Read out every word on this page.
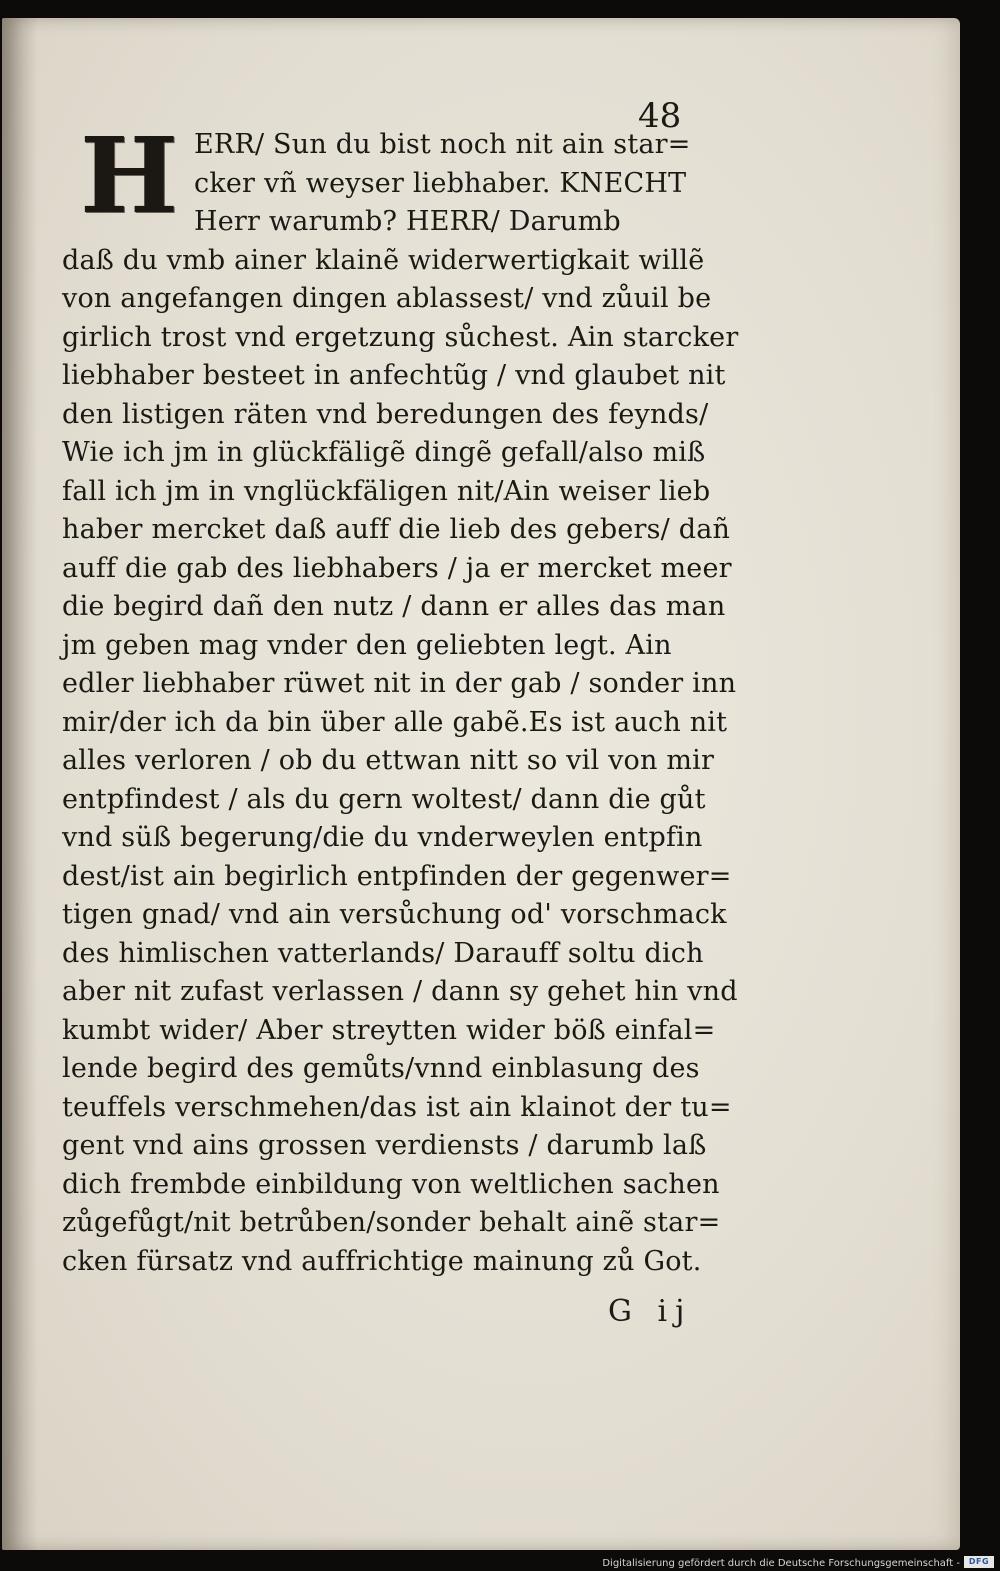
48
H ERR/ Sun du bist noch nit ain star=
cker vñ weyser liebhaber. KNECHT
Herr warumb? HERR/ Darumb
daß du vmb ainer klainẽ widerwertigkait willẽ
von angefangen dingen ablassest/ vnd zůuil be
girlich trost vnd ergetzung sůchest. Ain starcker
liebhaber besteet in anfechtũg / vnd glaubet nit
den listigen räten vnd beredungen des feynds/
Wie ich jm in glückfäligẽ dingẽ gefall/also miß
fall ich jm in vnglückfäligen nit/Ain weiser lieb
haber mercket daß auff die lieb des gebers/ dañ
auff die gab des liebhabers / ja er mercket meer
die begird dañ den nutz / dann er alles das man
jm geben mag vnder den geliebten legt. Ain
edler liebhaber rüwet nit in der gab / sonder inn
mir/der ich da bin über alle gabẽ.Es ist auch nit
alles verloren / ob du ettwan nitt so vil von mir
entpfindest / als du gern woltest/ dann die gůt
vnd süß begerung/die du vnderweylen entpfin
dest/ist ain begirlich entpfinden der gegenwer=
tigen gnad/ vnd ain versůchung od' vorschmack
des himlischen vatterlands/ Darauff soltu dich
aber nit zufast verlassen / dann sy gehet hin vnd
kumbt wider/ Aber streytten wider böß einfal=
lende begird des gemůts/vnnd einblasung des
teuffels verschmehen/das ist ain klainot der tu=
gent vnd ains grossen verdiensts / darumb laß
dich frembde einbildung von weltlichen sachen
zůgefůgt/nit betrůben/sonder behalt ainẽ star=
cken fürsatz vnd auffrichtige mainung zů Got.
G ij
Digitalisierung gefördert durch die Deutsche Forschungsgemeinschaft -	DFG
